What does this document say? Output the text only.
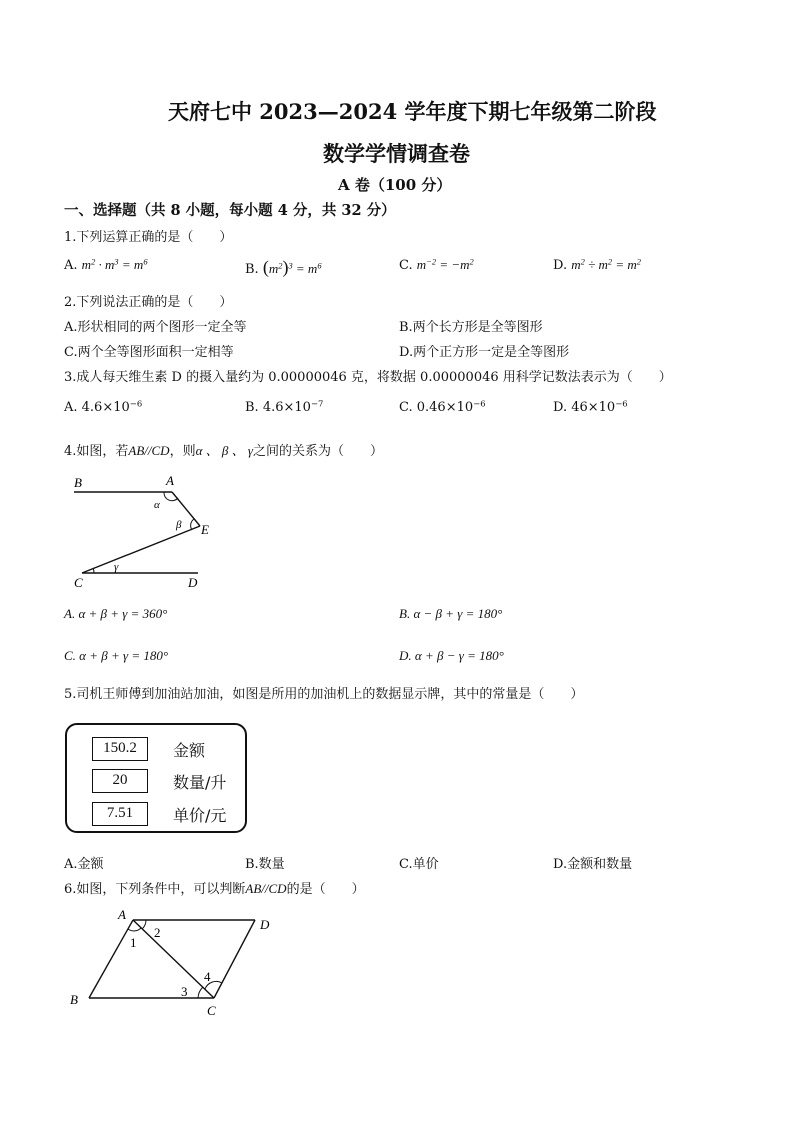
天府七中 2023—2024 学年度下期七年级第二阶段
数学学情调查卷
A 卷（100 分）
一、选择题（共 8 小题，每小题 4 分，共 32 分）
1.下列运算正确的是（　　）
A. $m^2 \cdot m^3 = m^6$
B. $(m^2)^3 = m^6$	C. $m^{-2} = -m^2$	D. $m^2 \div m^2 = m^2$
2.下列说法正确的是（　　）
A.形状相同的两个图形一定全等	B.两个长方形是全等图形
C.两个全等图形面积一定相等	D.两个正方形一定是全等图形
3.成人每天维生素 D 的摄入量约为 0.00000046 克，将数据 0.00000046 用科学记数法表示为（　　）
A. $4.6\times 10^{-6}$	B. $4.6\times 10^{-7}$	C. $0.46\times 10^{-6}$	D. $46\times 10^{-6}$
4.如图，若AB//CD，则α 、 β 、 γ之间的关系为（　　）
B	A
E
C	D
α
β
γ
A. α + β + γ = 360°	B. α − β + γ = 180°
C. α + β + γ = 180°	D. α + β − γ = 180°
5.司机王师傅到加油站加油，如图是所用的加油机上的数据显示牌，其中的常量是（　　）
150.2	金额
20	数量/升
7.51	单价/元
A.金额	B.数量	C.单价	D.金额和数量
6.如图，下列条件中，可以判断AB//CD的是（　　）
A
D
B
C
1
2
3
4
